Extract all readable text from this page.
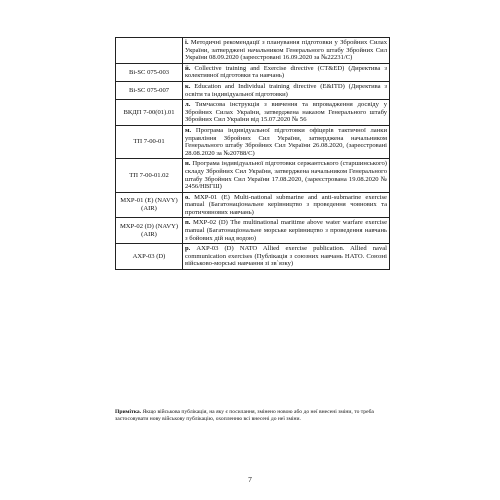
	i. Методичні рекомендації з планування підготовки у Збройних Силах України, затверджені начальником Генерального штабу Збройних Сил України 08.09.2020 (зареєстровані 16.09.2020 за №22231/С)
Bi-SC 075-003	й. Collective training and Exercise directive (CT&ED) (Директива з колективної підготовки та навчань)
Bi-SC 075-007	к. Education and Individual training directive (E&ITD) (Директива з освіти та індивідуальної підготовки)
ВКДП 7-00(01).01	л. Тимчасова інструкція з вивчення та впровадження досвіду у Збройних Силах України, затверджена наказом Генерального штабу Збройних Сил України від 15.07.2020 № 56
ТП 7-00-01	м. Програма індивідуальної підготовки офіцерів тактичної ланки управління Збройних Сил України, затверджена начальником Генерального штабу Збройних Сил України 26.08.2020, (зареєстровані 28.08.2020 за №20788/С)
ТП 7-00-01.02	н. Програма індивідуальної підготовки сержантського (старшинського) складу Збройних Сил України, затверджена начальником Генерального штабу Збройних Сил України 17.08.2020, (зареєстрована 19.08.2020 № 2456/НВГШ)
MXP-01 (E) (NAVY) (AIR)	о. MXP-01 (E) Multi-national submarine and anti-submarine exercise manual (Багатонаціональне керівництво з проведення човнових та протичовнових навчань)
MXP-02 (D) (NAVY) (AIR)	п. MXP-02 (D) The multinational maritime above water warfare exercise manual (Багатонаціональне морське керівництво з проведення навчань з бойових дій над водою)
AXP-03 (D)	р. AXP-03 (D) NATO Allied exercise publication. Allied naval communication exercises (Публікація з союзних навчань НАТО. Союзні військово-морські навчання зі зв`язку)
Примітка. Якщо військова публікація, на яку є посилання, змінено новою або до неї внесені зміни, то треба застосовувати нову військову публікацію, охопленню всі внесені до неї зміни.
7
